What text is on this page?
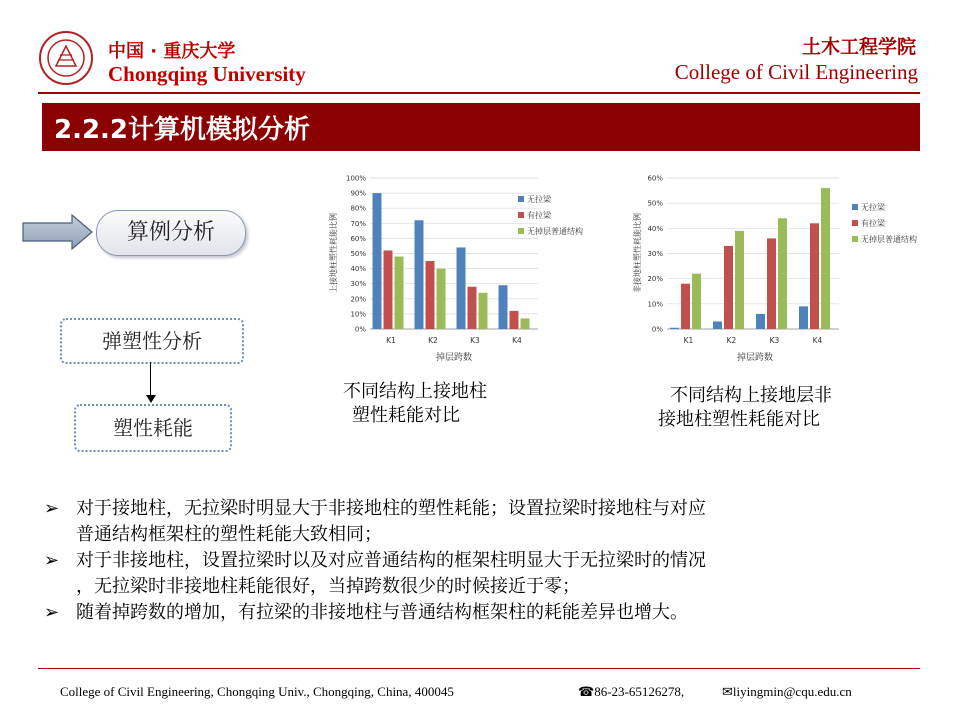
中国 · 重庆大学
Chongqing University
土木工程学院
College of Civil Engineering
2.2.2计算机模拟分析
算例分析
弹塑性分析
塑性耗能
0%
10%
20%
30%
40%
50%
60%
70%
80%
90%
100%
K1	K2	K3	K4
掉层跨数
上接地柱塑性耗能比例
无拉梁
有拉梁
无掉层普通结构
0%
10%
20%
30%
40%
50%
60%
K1	K2	K3	K4
掉层跨数
非接地柱塑性耗能比例
无拉梁
有拉梁
无掉层普通结构
不同结构上接地柱
塑性耗能对比
不同结构上接地层非
接地柱塑性耗能对比
➢ 对于接地柱，无拉梁时明显大于非接地柱的塑性耗能；设置拉梁时接地柱与对应
普通结构框架柱的塑性耗能大致相同；
➢ 对于非接地柱，设置拉梁时以及对应普通结构的框架柱明显大于无拉梁时的情况
，无拉梁时非接地柱耗能很好，当掉跨数很少的时候接近于零；
➢ 随着掉跨数的增加，有拉梁的非接地柱与普通结构框架柱的耗能差异也增大。
College of Civil Engineering, Chongqing Univ., Chongqing, China, 400045	☎86-23-65126278,	✉liyingmin@cqu.edu.cn
